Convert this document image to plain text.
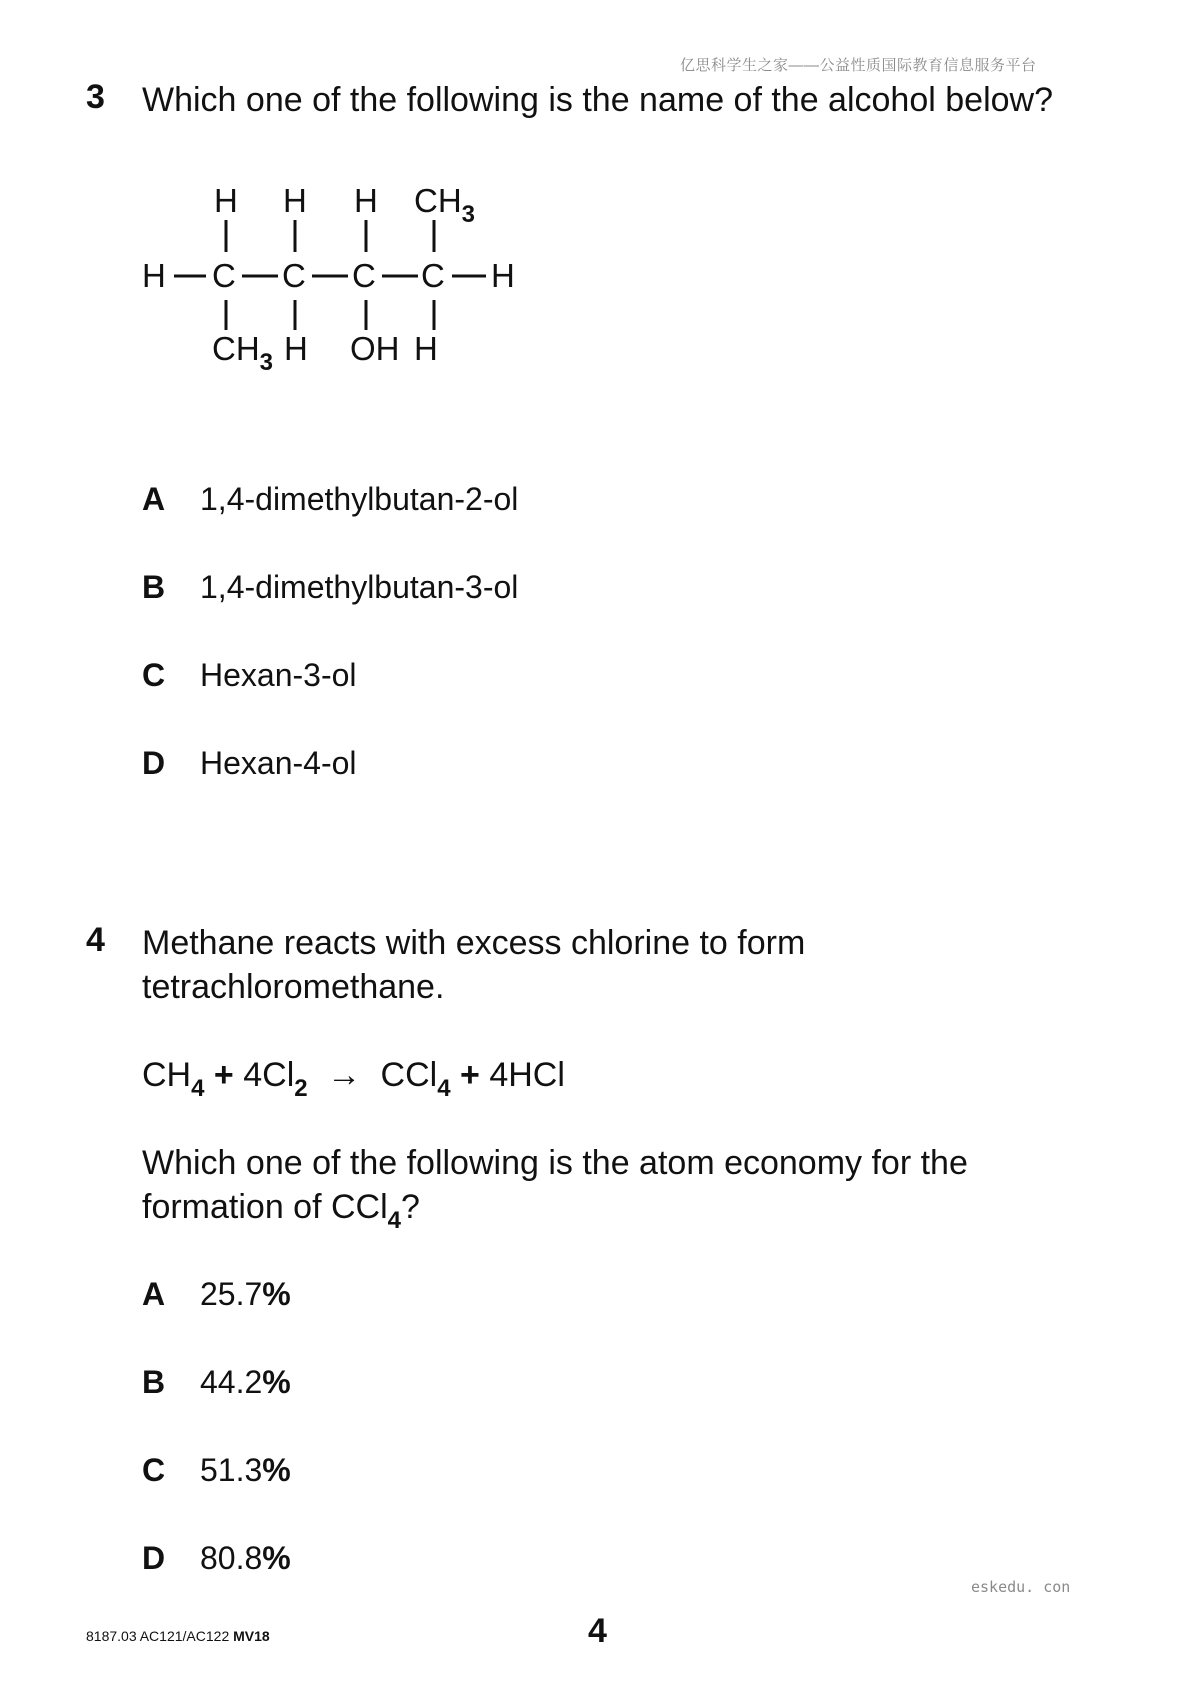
亿思科学生之家——公益性质国际教育信息服务平台
3 Which one of the following is the name of the alcohol below?
H H H $CH_3$
H C C C C H
$CH_3$ H OH H
A 1,4-dimethylbutan-2-ol
B 1,4-dimethylbutan-3-ol
C Hexan-3-ol
D Hexan-4-ol
4 Methane reacts with excess chlorine to form
tetrachloromethane.
$CH_4 + 4Cl_2 \to CCl_4 + 4HCl$
Which one of the following is the atom economy for the
formation of CCl$_4$?
A 25.7%
B 44.2%
C 51.3%
D 80.8%
eskedu. con
8187.03 AC121/AC122 MV18	4
